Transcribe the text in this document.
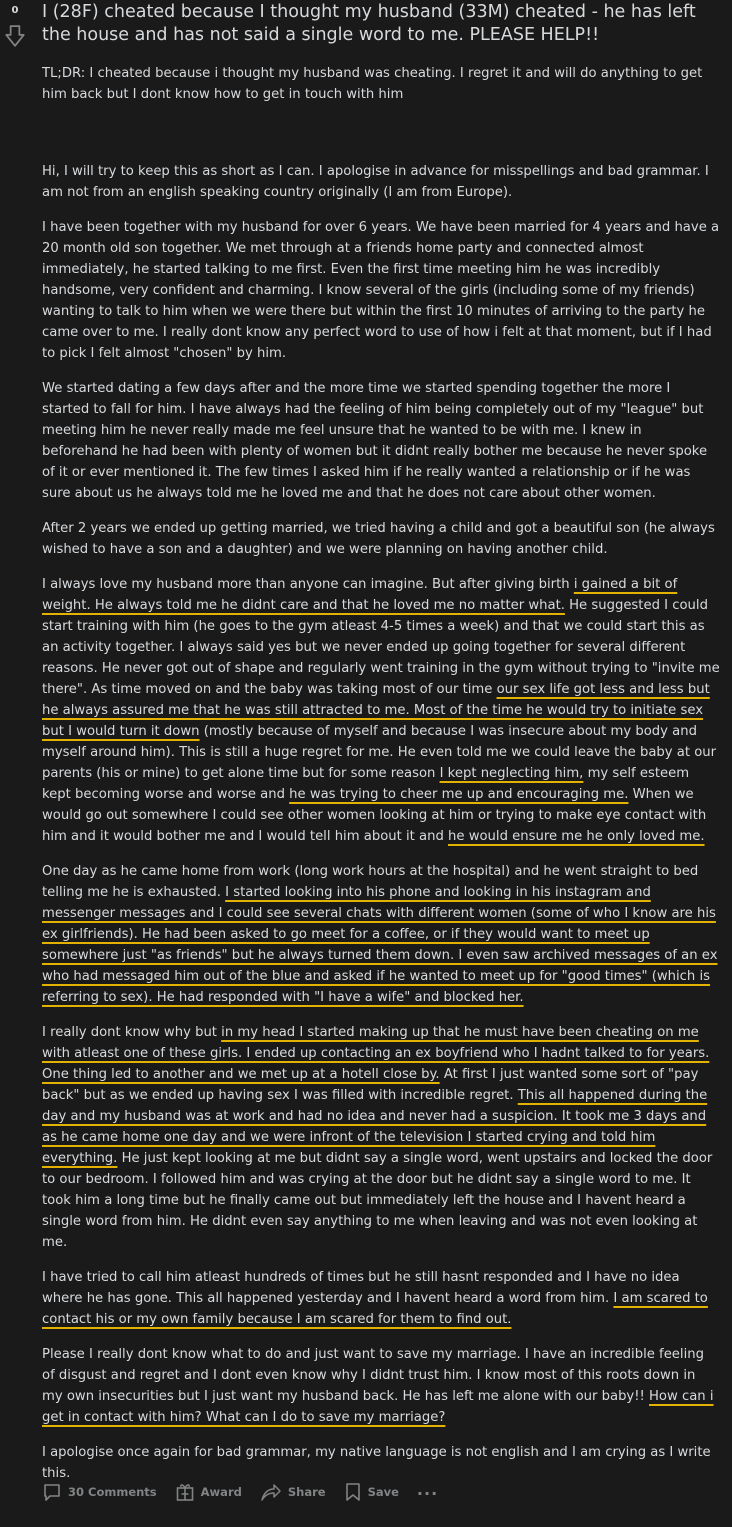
0	I (28F) cheated because I thought my husband (33M) cheated - he has left the house and has not said a single word to me. PLEASE HELP!!

TL;DR: I cheated because i thought my husband was cheating. I regret it and will do anything to get him back but I dont know how to get in touch with him

Hi, I will try to keep this as short as I can. I apologise in advance for misspellings and bad grammar. I am not from an english speaking country originally (I am from Europe).

I have been together with my husband for over 6 years. We have been married for 4 years and have a 20 month old son together. We met through at a friends home party and connected almost immediately, he started talking to me first. Even the first time meeting him he was incredibly handsome, very confident and charming. I know several of the girls (including some of my friends) wanting to talk to him when we were there but within the first 10 minutes of arriving to the party he came over to me. I really dont know any perfect word to use of how i felt at that moment, but if I had to pick I felt almost "chosen" by him.

We started dating a few days after and the more time we started spending together the more I started to fall for him. I have always had the feeling of him being completely out of my "league" but meeting him he never really made me feel unsure that he wanted to be with me. I knew in beforehand he had been with plenty of women but it didnt really bother me because he never spoke of it or ever mentioned it. The few times I asked him if he really wanted a relationship or if he was sure about us he always told me he loved me and that he does not care about other women.

After 2 years we ended up getting married, we tried having a child and got a beautiful son (he always wished to have a son and a daughter) and we were planning on having another child.

I always love my husband more than anyone can imagine. But after giving birth i gained a bit of weight. He always told me he didnt care and that he loved me no matter what. He suggested I could start training with him (he goes to the gym atleast 4-5 times a week) and that we could start this as an activity together. I always said yes but we never ended up going together for several different reasons. He never got out of shape and regularly went training in the gym without trying to "invite me there". As time moved on and the baby was taking most of our time our sex life got less and less but he always assured me that he was still attracted to me. Most of the time he would try to initiate sex but I would turn it down (mostly because of myself and because I was insecure about my body and myself around him). This is still a huge regret for me. He even told me we could leave the baby at our parents (his or mine) to get alone time but for some reason I kept neglecting him, my self esteem kept becoming worse and worse and he was trying to cheer me up and encouraging me. When we would go out somewhere I could see other women looking at him or trying to make eye contact with him and it would bother me and I would tell him about it and he would ensure me he only loved me.

One day as he came home from work (long work hours at the hospital) and he went straight to bed telling me he is exhausted. I started looking into his phone and looking in his instagram and messenger messages and I could see several chats with different women (some of who I know are his ex girlfriends). He had been asked to go meet for a coffee, or if they would want to meet up somewhere just "as friends" but he always turned them down. I even saw archived messages of an ex who had messaged him out of the blue and asked if he wanted to meet up for "good times" (which is referring to sex). He had responded with "I have a wife" and blocked her.

I really dont know why but in my head I started making up that he must have been cheating on me with atleast one of these girls. I ended up contacting an ex boyfriend who I hadnt talked to for years. One thing led to another and we met up at a hotell close by. At first I just wanted some sort of "pay back" but as we ended up having sex I was filled with incredible regret. This all happened during the day and my husband was at work and had no idea and never had a suspicion. It took me 3 days and as he came home one day and we were infront of the television I started crying and told him everything. He just kept looking at me but didnt say a single word, went upstairs and locked the door to our bedroom. I followed him and was crying at the door but he didnt say a single word to me. It took him a long time but he finally came out but immediately left the house and I havent heard a single word from him. He didnt even say anything to me when leaving and was not even looking at me.

I have tried to call him atleast hundreds of times but he still hasnt responded and I have no idea where he has gone. This all happened yesterday and I havent heard a word from him. I am scared to contact his or my own family because I am scared for them to find out.

Please I really dont know what to do and just want to save my marriage. I have an incredible feeling of disgust and regret and I dont even know why I didnt trust him. I know most of this roots down in my own insecurities but I just want my husband back. He has left me alone with our baby!! How can i get in contact with him? What can I do to save my marriage?

I apologise once again for bad grammar, my native language is not english and I am crying as I write this.

30 Comments	Award	Share	Save ...
